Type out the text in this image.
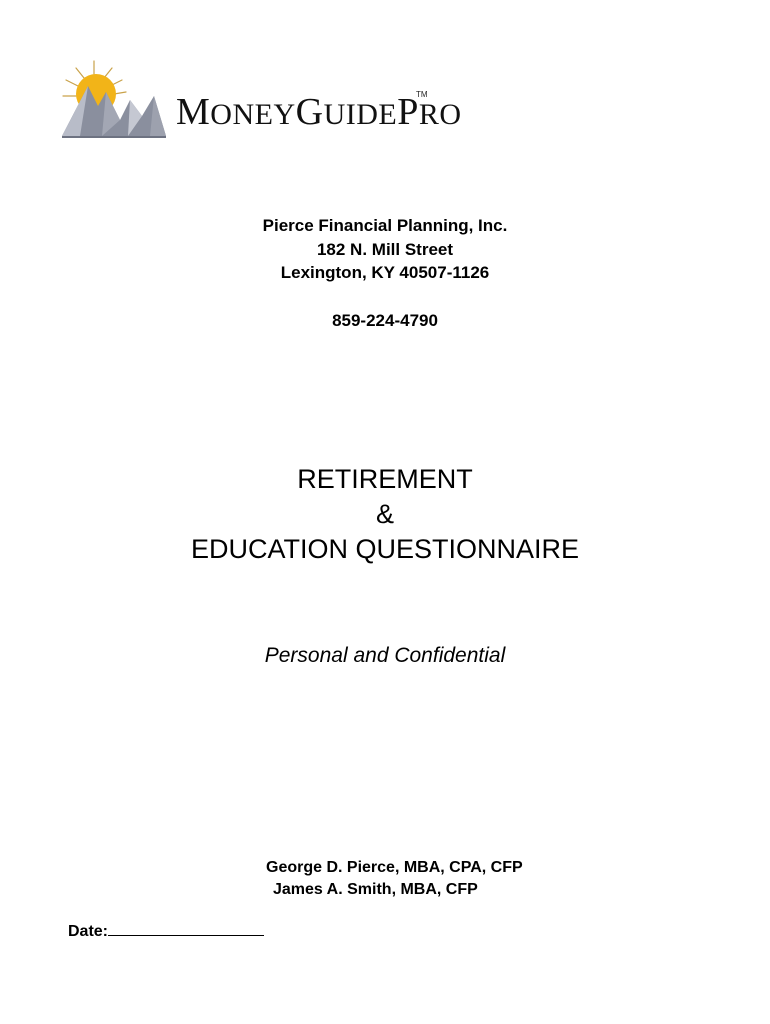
MONEYGUIDEPRO
TM
Pierce Financial Planning, Inc.
182 N. Mill Street
Lexington, KY 40507-1126
859-224-4790
RETIREMENT
&
EDUCATION QUESTIONNAIRE
Personal and Confidential
George D. Pierce, MBA, CPA, CFP
James A. Smith, MBA, CFP
Date:
